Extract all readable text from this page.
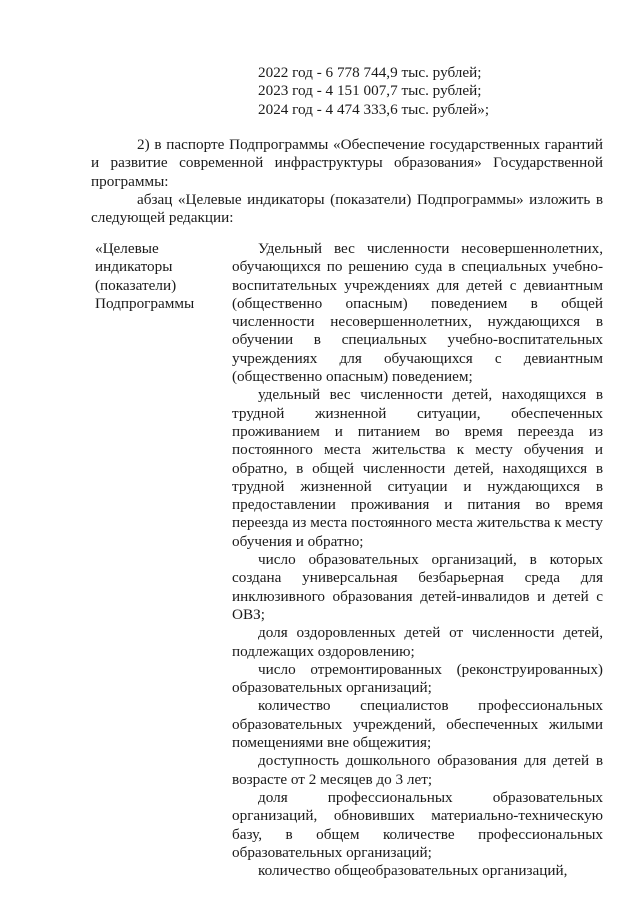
2022 год - 6 778 744,9 тыс. рублей;
2023 год - 4 151 007,7 тыс. рублей;
2024 год - 4 474 333,6 тыс. рублей»;
2) в паспорте Подпрограммы «Обеспечение государственных гарантий и развитие современной инфраструктуры образования» Государственной программы:
абзац «Целевые индикаторы (показатели) Подпрограммы» изложить в следующей редакции:
«Целевые
индикаторы
(показатели)
Подпрограммы

Удельный вес численности несовершеннолетних, обучающихся по решению суда в специальных учебно-воспитательных учреждениях для детей с девиантным (общественно опасным) поведением в общей численности несовершеннолетних, нуждающихся в обучении в специальных учебно-воспитательных учреждениях для обучающихся с девиантным (общественно опасным) поведением;

удельный вес численности детей, находящихся в трудной жизненной ситуации, обеспеченных проживанием и питанием во время переезда из постоянного места жительства к месту обучения и обратно, в общей численности детей, находящихся в трудной жизненной ситуации и нуждающихся в предоставлении проживания и питания во время переезда из места постоянного места жительства к месту обучения и обратно;

число образовательных организаций, в которых создана универсальная безбарьерная среда для инклюзивного образования детей-инвалидов и детей с ОВЗ;

доля оздоровленных детей от численности детей, подлежащих оздоровлению;

число отремонтированных (реконструированных) образовательных организаций;

количество специалистов профессиональных образовательных учреждений, обеспеченных жилыми помещениями вне общежития;

доступность дошкольного образования для детей в возрасте от 2 месяцев до 3 лет;

доля профессиональных образовательных организаций, обновивших материально-техническую базу, в общем количестве профессиональных образовательных организаций;

количество общеобразовательных организаций,
